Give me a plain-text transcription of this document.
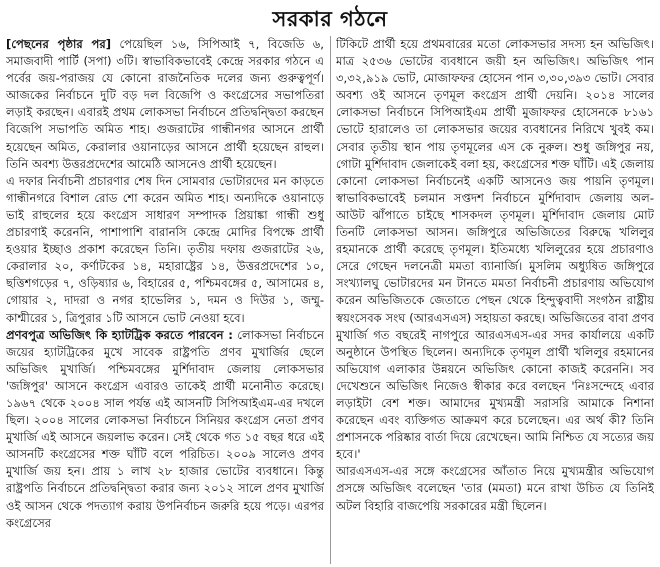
সরকার গঠনে

[পেছনের পৃষ্ঠার পর] পেয়েছিল ১৬, সিপিআই ৭, বিজেডি ৬, সমাজবাদী পার্টি (সপা) ৩টি। স্বাভাবিকভাবেই কেন্দ্রে সরকার গঠনে এ পর্বের জয়-পরাজয় যে কোনো রাজনৈতিক দলের জন্য গুরুত্বপূর্ণ। আজকের নির্বাচনে দুটি বড় দল বিজেপি ও কংগ্রেসের সভাপতিরা লড়াই করছেন। এবারই প্রথম লোকসভা নির্বাচনে প্রতিদ্বন্দ্বিতা করছেন বিজেপি সভাপতি অমিত শাহ। গুজরাটের গান্ধীনগর আসনে প্রার্থী হয়েছেন অমিত, কেরালার ওয়ানাড়ের আসনে প্রার্থী হয়েছেন রাহুল। তিনি অবশ্য উত্তরপ্রদেশের আমেঠি আসনেও প্রার্থী হয়েছেন।

এ দফার নির্বাচনী প্রচারণার শেষ দিন সোমবার ভোটারদের মন কাড়তে গান্ধীনগরে বিশাল রোড শো করেন অমিত শাহ। অন্যদিকে ওয়ানাড়ে ভাই রাহুলের হয়ে কংগ্রেস সাধারণ সম্পাদক প্রিয়াঙ্কা গান্ধী শুধু প্রচারণাই করেননি, পাশাপাশি বারানসি কেন্দ্রে মোদির বিপক্ষে প্রার্থী হওয়ার ইচ্ছাও প্রকাশ করেছেন তিনি। তৃতীয় দফায় গুজরাটের ২৬, কেরালার ২০, কর্ণাটকের ১৪, মহারাষ্ট্রের ১৪, উত্তরপ্রদেশের ১০, ছত্তিশগড়ের ৭, ওড়িষ্যার ৬, বিহারের ৫, পশ্চিমবঙ্গের ৫, আসামের ৪, গোয়ার ২, দাদরা ও নগর হাভেলির ১, দমন ও দিউর ১, জম্মু-কাশ্মীরের ১, ত্রিপুরার ১টি আসনে ভোট নেওয়া হবে।

প্রণবপুত্র অভিজিৎ কি হ্যাটট্রিক করতে পারবেন : লোকসভা নির্বাচনে জয়ের হ্যাটট্রিকের মুখে সাবেক রাষ্ট্রপতি প্রণব মুখার্জির ছেলে অভিজিৎ মুখার্জি। পশ্চিমবঙ্গের মুর্শিদাবাদ জেলায় লোকসভার 'জঙ্গিপুর' আসনে কংগ্রেস এবারও তাকেই প্রার্থী মনোনীত করেছে। ১৯৬৭ থেকে ২০০৪ সাল পর্যন্ত এই আসনটি সিপিআইএম-এর দখলে ছিল। ২০০৪ সালের লোকসভা নির্বাচনে সিনিয়র কংগ্রেস নেতা প্রণব মুখার্জি এই আসনে জয়লাভ করেন। সেই থেকে গত ১৫ বছর ধরে এই আসনটি কংগ্রেসের শক্ত ঘাঁটি বলে পরিচিত। ২০০৯ সালেও প্রণব মুখার্জি জয় হন। প্রায় ১ লাখ ২৮ হাজার ভোটের ব্যবধানে। কিন্তু রাষ্ট্রপতি নির্বাচনে প্রতিদ্বন্দ্বিতা করার জন্য ২০১২ সালে প্রণব মুখার্জি ওই আসন থেকে পদত্যাগ করায় উপনির্বাচন জরুরি হয়ে পড়ে। এরপর কংগ্রেসের

টিকিটে প্রার্থী হয়ে প্রথমবারের মতো লোকসভার সদস্য হন অভিজিৎ। মাত্র ২৫৩৬ ভোটের ব্যবধানে জয়ী হন অভিজিৎ। অভিজিৎ পান ৩,৩২,৯১৯ ভোট, মোজাফফর হোসেন পান ৩,৩০,৩৯৩ ভোট। সেবার অবশ্য ওই আসনে তৃণমূল কংগ্রেস প্রার্থী দেয়নি। ২০১৪ সালের লোকসভা নির্বাচনে সিপিআইএম প্রার্থী মুজাফফর হোসেনকে ৮১৬১ ভোটে হারালেও তা লোকসভার জয়ের ব্যবধানের নিরিখে খুবই কম। সেবার তৃতীয় স্থান পায় তৃণমূলের এস কে নুরুল। শুধু জঙ্গিপুর নয়, গোটা মুর্শিদাবাদ জেলাকেই বলা হয়, কংগ্রেসের শক্ত ঘাঁটি। এই জেলায় কোনো লোকসভা নির্বাচনেই একটি আসনেও জয় পায়নি তৃণমূল। স্বাভাবিকভাবেই চলমান সপ্তদশ নির্বাচনে মুর্শিদাবাদ জেলায় অল-আউট ঝাঁপাতে চাইছে শাসকদল তৃণমূল। মুর্শিদাবাদ জেলায় মোট তিনটি লোকসভা আসন। জঙ্গিপুরে অভিজিতের বিরুদ্ধে খলিলুর রহমানকে প্রার্থী করেছে তৃণমূল। ইতিমধ্যে খলিলুরের হয়ে প্রচারণাও সেরে গেছেন দলনেত্রী মমতা ব্যানার্জি। মুসলিম অধ্যুষিত জঙ্গিপুরে সংখ্যালঘু ভোটারদের মন টানতে মমতা নির্বাচনী প্রচারণায় অভিযোগ করেন অভিজিতকে জেতাতে পেছন থেকে হিন্দুত্ববাদী সংগঠন রাষ্ট্রীয় স্বয়ংসেবক সংঘ (আরএসএস) সহায়তা করছে। অভিজিতের বাবা প্রণব মুখার্জি গত বছরেই নাগপুরে আরএসএস-এর সদর কার্যালয়ে একটি অনুষ্ঠানে উপস্থিত ছিলেন। অন্যদিকে তৃণমূল প্রার্থী খলিলুর রহমানের অভিযোগ এলাকার উন্নয়নে অভিজিৎ কোনো কাজই করেননি। সব দেখেশুনে অভিজিৎ নিজেও স্বীকার করে বলছেন 'নিঃসন্দেহে এবার লড়াইটা বেশ শক্ত। আমাদের মুখ্যমন্ত্রী সরাসরি আমাকে নিশানা করেছেন এবং ব্যক্তিগত আক্রমণ করে চলেছেন। এর অর্থ কী? তিনি প্রশাসনকে পরিষ্কার বার্তা দিয়ে রেখেছেন। আমি নিশ্চিত যে সত্যের জয় হবে।'

আরএসএস-এর সঙ্গে কংগ্রেসের আঁতাত নিয়ে মুখ্যমন্ত্রীর অভিযোগ প্রসঙ্গে অভিজিৎ বলেছেন 'তার (মমতা) মনে রাখা উচিত যে তিনিই অটল বিহারি বাজপেয়ি সরকারের মন্ত্রী ছিলেন।
